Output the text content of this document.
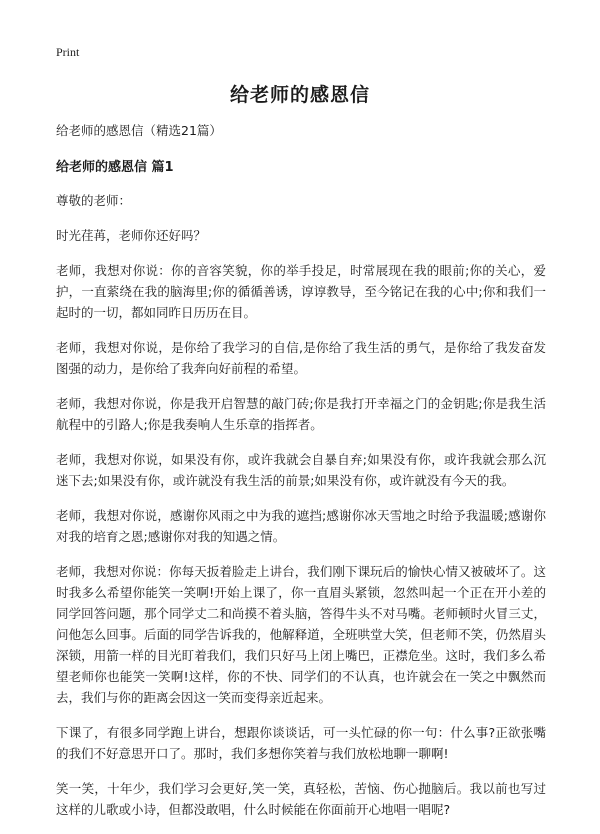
Print
给老师的感恩信
给老师的感恩信（精选21篇）
给老师的感恩信 篇1
尊敬的老师：
时光荏苒，老师你还好吗？
老师，我想对你说：你的音容笑貌，你的举手投足，时常展现在我的眼前;你的关心，爱护，一直萦绕在我的脑海里;你的循循善诱，谆谆教导，至今铭记在我的心中;你和我们一起时的一切，都如同昨日历历在目。
老师，我想对你说，是你给了我学习的自信,是你给了我生活的勇气，是你给了我发奋发图强的动力，是你给了我奔向好前程的希望。
老师，我想对你说，你是我开启智慧的敲门砖;你是我打开幸福之门的金钥匙;你是我生活航程中的引路人;你是我奏响人生乐章的指挥者。
老师，我想对你说，如果没有你，或许我就会自暴自弃;如果没有你，或许我就会那么沉迷下去;如果没有你，或许就没有我生活的前景;如果没有你，或许就没有今天的我。
老师，我想对你说，感谢你风雨之中为我的遮挡;感谢你冰天雪地之时给予我温暖;感谢你对我的培育之恩;感谢你对我的知遇之情。
老师，我想对你说：你每天扳着脸走上讲台，我们刚下课玩后的愉快心情又被破坏了。这时我多么希望你能笑一笑啊!开始上课了，你一直眉头紧锁，忽然叫起一个正在开小差的同学回答问题，那个同学丈二和尚摸不着头脑，答得牛头不对马嘴。老师顿时火冒三丈，问他怎么回事。后面的同学告诉我的，他解释道，全班哄堂大笑，但老师不笑，仍然眉头深锁，用箭一样的目光盯着我们，我们只好马上闭上嘴巴，正襟危坐。这时，我们多么希望老师你也能笑一笑啊!这样，你的不快、同学们的不认真，也许就会在一笑之中飘然而去，我们与你的距离会因这一笑而变得亲近起来。
下课了，有很多同学跑上讲台，想跟你谈谈话，可一头忙碌的你一句：什么事?正欲张嘴的我们不好意思开口了。那时，我们多想你笑着与我们放松地聊一聊啊!
笑一笑，十年少，我们学习会更好,笑一笑，真轻松，苦恼、伤心抛脑后。我以前也写过这样的儿歌或小诗，但都没敢唱，什么时候能在你面前开心地唱一唱呢?
